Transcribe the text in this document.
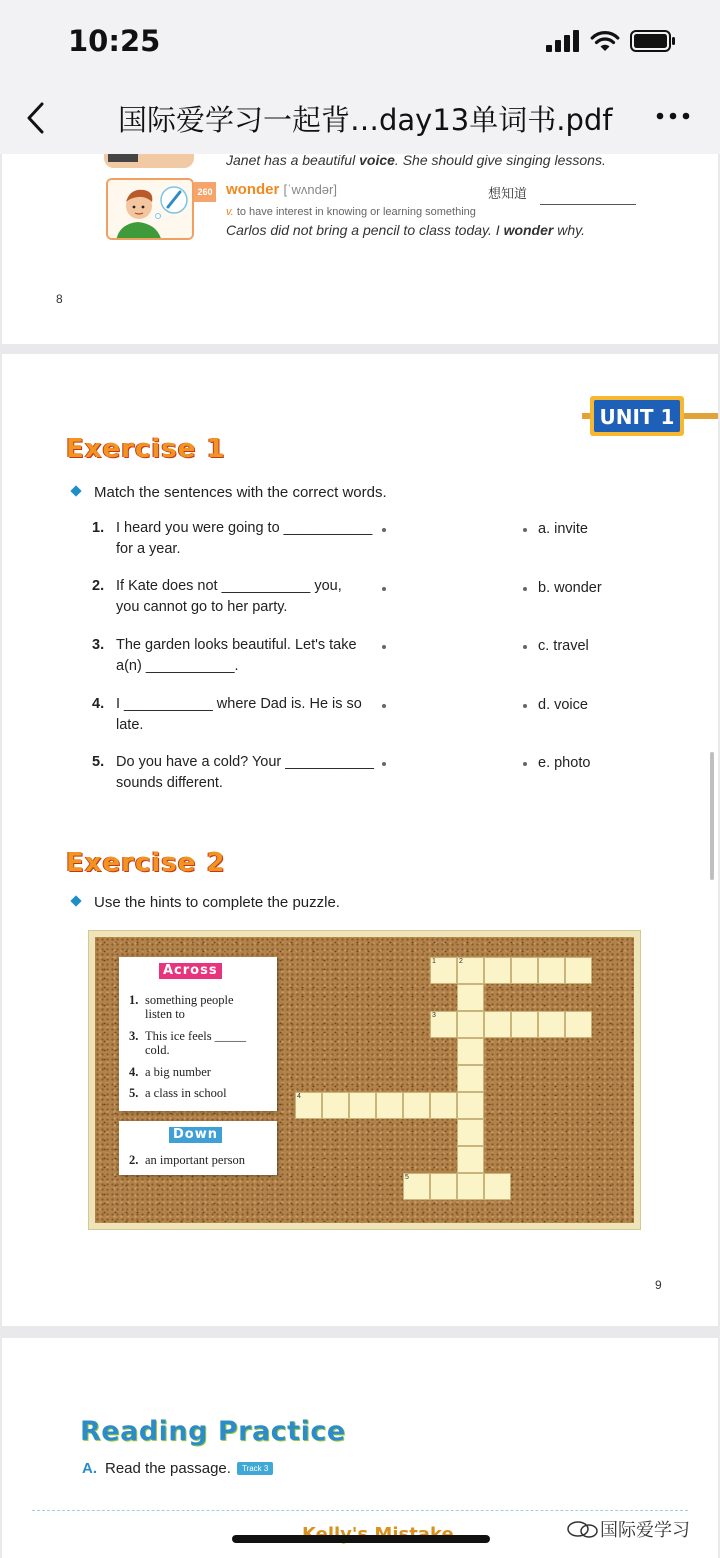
10:25
国际爱学习一起背…day13单词书.pdf
Janet has a beautiful voice. She should give singing lessons.
260 wonder [ˈwʌndər]	想知道
v. to have interest in knowing or learning something
Carlos did not bring a pencil to class today. I wonder why.
8
UNIT 1
Exercise 1
Match the sentences with the correct words.
1. I heard you were going to ___________
for a year.
2. If Kate does not ___________ you,
you cannot go to her party.
3. The garden looks beautiful. Let's take
a(n) ___________.
4. I ___________ where Dad is. He is so
late.
5. Do you have a cold? Your ___________
sounds different.
a. invite
b. wonder
c. travel
d. voice
e. photo
Exercise 2
Use the hints to complete the puzzle.
Across
1. something people listen to
3. This ice feels _____ cold.
4. a big number
5. a class in school
Down
2. an important person
1	2
3
4
5
9
Reading Practice
A. Read the passage. Track 3
国际爱学习
